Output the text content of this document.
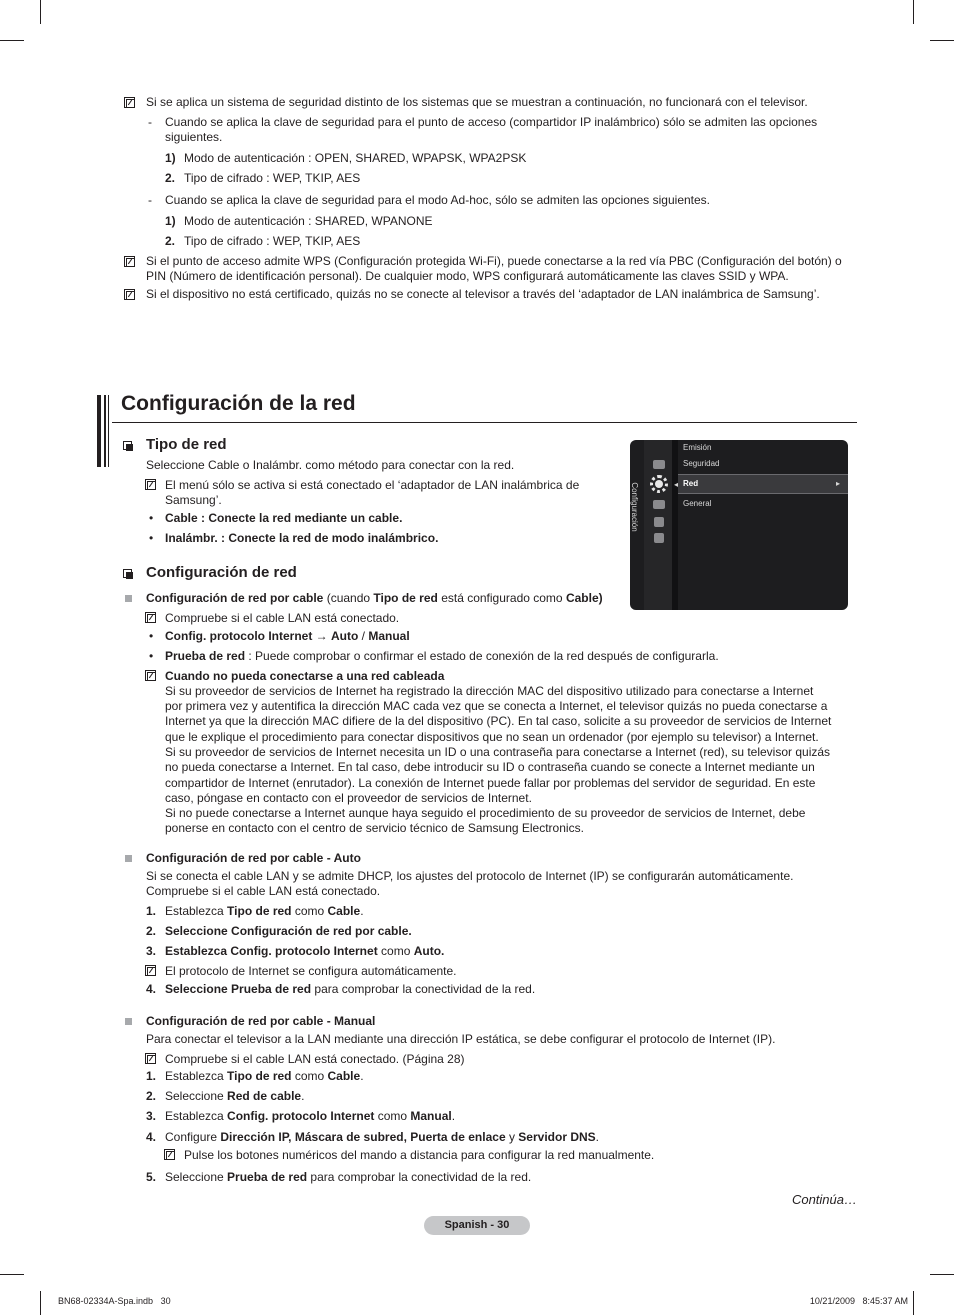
Si se aplica un sistema de seguridad distinto de los sistemas que se muestran a continuación, no funcionará con el televisor.
- Cuando se aplica la clave de seguridad para el punto de acceso (compartidor IP inalámbrico) sólo se admiten las opciones
siguientes.
1) Modo de autenticación : OPEN, SHARED, WPAPSK, WPA2PSK
2. Tipo de cifrado : WEP, TKIP, AES
- Cuando se aplica la clave de seguridad para el modo Ad-hoc, sólo se admiten las opciones siguientes.
1) Modo de autenticación : SHARED, WPANONE
2. Tipo de cifrado : WEP, TKIP, AES
Si el punto de acceso admite WPS (Configuración protegida Wi-Fi), puede conectarse a la red vía PBC (Configuración del botón) o
PIN (Número de identificación personal). De cualquier modo, WPS configurará automáticamente las claves SSID y WPA.
Si el dispositivo no está certificado, quizás no se conecte al televisor a través del ‘adaptador de LAN inalámbrica de Samsung’.
Configuración de la red
Tipo de red
Seleccione Cable o Inalámbr. como método para conectar con la red.
El menú sólo se activa si está conectado el ‘adaptador de LAN inalámbrica de
Samsung’.
• Cable : Conecte la red mediante un cable.
• Inalámbr. : Conecte la red de modo inalámbrico.
Configuración	◂
Emisión
Seguridad
Red	▸
General
Configuración de red
Configuración de red por cable (cuando Tipo de red está configurado como Cable)
Compruebe si el cable LAN está conectado.
• Config. protocolo Internet → Auto / Manual
• Prueba de red : Puede comprobar o confirmar el estado de conexión de la red después de configurarla.
Cuando no pueda conectarse a una red cableada
Si su proveedor de servicios de Internet ha registrado la dirección MAC del dispositivo utilizado para conectarse a Internet
por primera vez y autentifica la dirección MAC cada vez que se conecta a Internet, el televisor quizás no pueda conectarse a
Internet ya que la dirección MAC difiere de la del dispositivo (PC). En tal caso, solicite a su proveedor de servicios de Internet
que le explique el procedimiento para conectar dispositivos que no sean un ordenador (por ejemplo su televisor) a Internet.
Si su proveedor de servicios de Internet necesita un ID o una contraseña para conectarse a Internet (red), su televisor quizás
no pueda conectarse a Internet. En tal caso, debe introducir su ID o contraseña cuando se conecte a Internet mediante un
compartidor de Internet (enrutador). La conexión de Internet puede fallar por problemas del servidor de seguridad. En este
caso, póngase en contacto con el proveedor de servicios de Internet.
Si no puede conectarse a Internet aunque haya seguido el procedimiento de su proveedor de servicios de Internet, debe
ponerse en contacto con el centro de servicio técnico de Samsung Electronics.
Configuración de red por cable - Auto
Si se conecta el cable LAN y se admite DHCP, los ajustes del protocolo de Internet (IP) se configurarán automáticamente.
Compruebe si el cable LAN está conectado.
1. Establezca Tipo de red como Cable.
2. Seleccione Configuración de red por cable.
3. Establezca Config. protocolo Internet como Auto.
El protocolo de Internet se configura automáticamente.
4. Seleccione Prueba de red para comprobar la conectividad de la red.
Configuración de red por cable - Manual
Para conectar el televisor a la LAN mediante una dirección IP estática, se debe configurar el protocolo de Internet (IP).
Compruebe si el cable LAN está conectado. (Página 28)
1. Establezca Tipo de red como Cable.
2. Seleccione Red de cable.
3. Establezca Config. protocolo Internet como Manual.
4. Configure Dirección IP, Máscara de subred, Puerta de enlace y Servidor DNS.
Pulse los botones numéricos del mando a distancia para configurar la red manualmente.
5. Seleccione Prueba de red para comprobar la conectividad de la red.
Continúa…
Spanish - 30
BN68-02334A-Spa.indb   30	10/21/2009   8:45:37 AM
